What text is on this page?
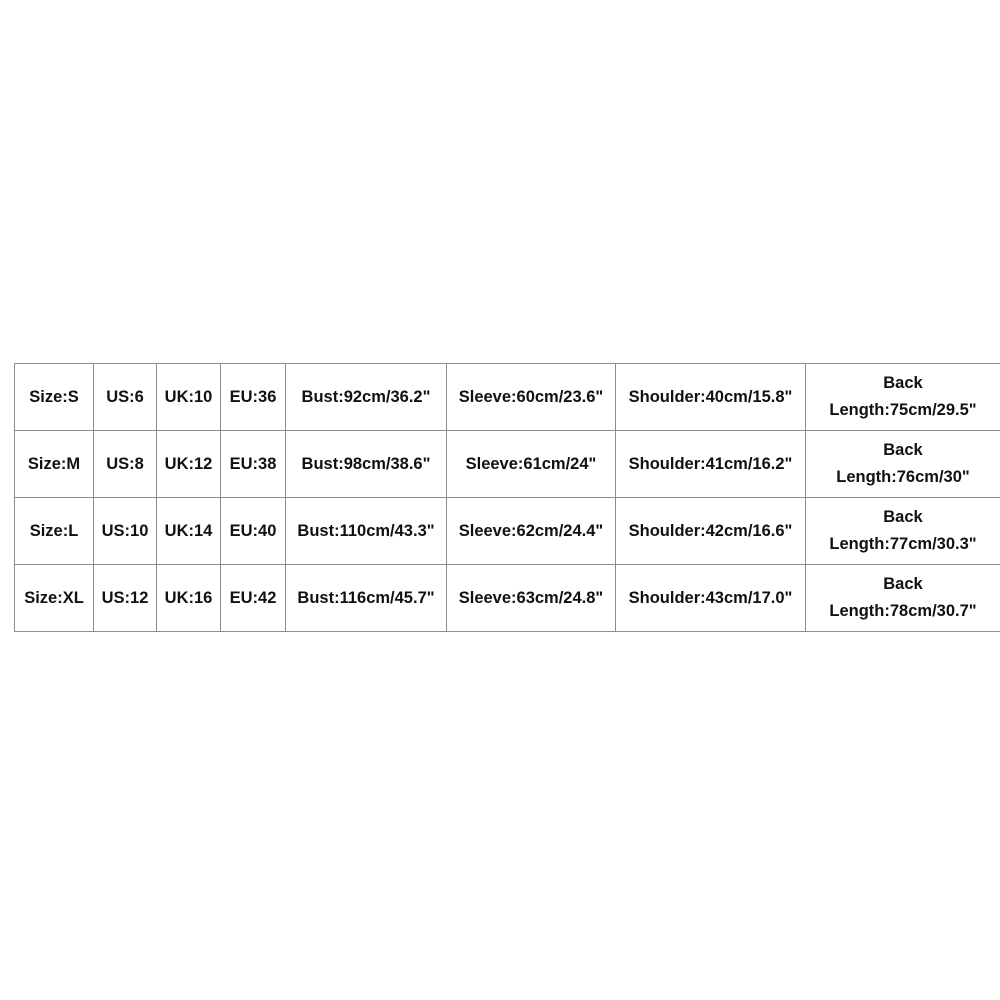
Size:S	US:6	UK:10	EU:36	Bust:92cm/36.2"	Sleeve:60cm/23.6"	Shoulder:40cm/15.8"	Back
Length:75cm/29.5"

Size:M	US:8	UK:12	EU:38	Bust:98cm/38.6"	Sleeve:61cm/24"	Shoulder:41cm/16.2"	Back
Length:76cm/30"

Size:L	US:10	UK:14	EU:40	Bust:110cm/43.3"	Sleeve:62cm/24.4"	Shoulder:42cm/16.6"	Back
Length:77cm/30.3"

Size:XL	US:12	UK:16	EU:42	Bust:116cm/45.7"	Sleeve:63cm/24.8"	Shoulder:43cm/17.0"	Back
Length:78cm/30.7"
